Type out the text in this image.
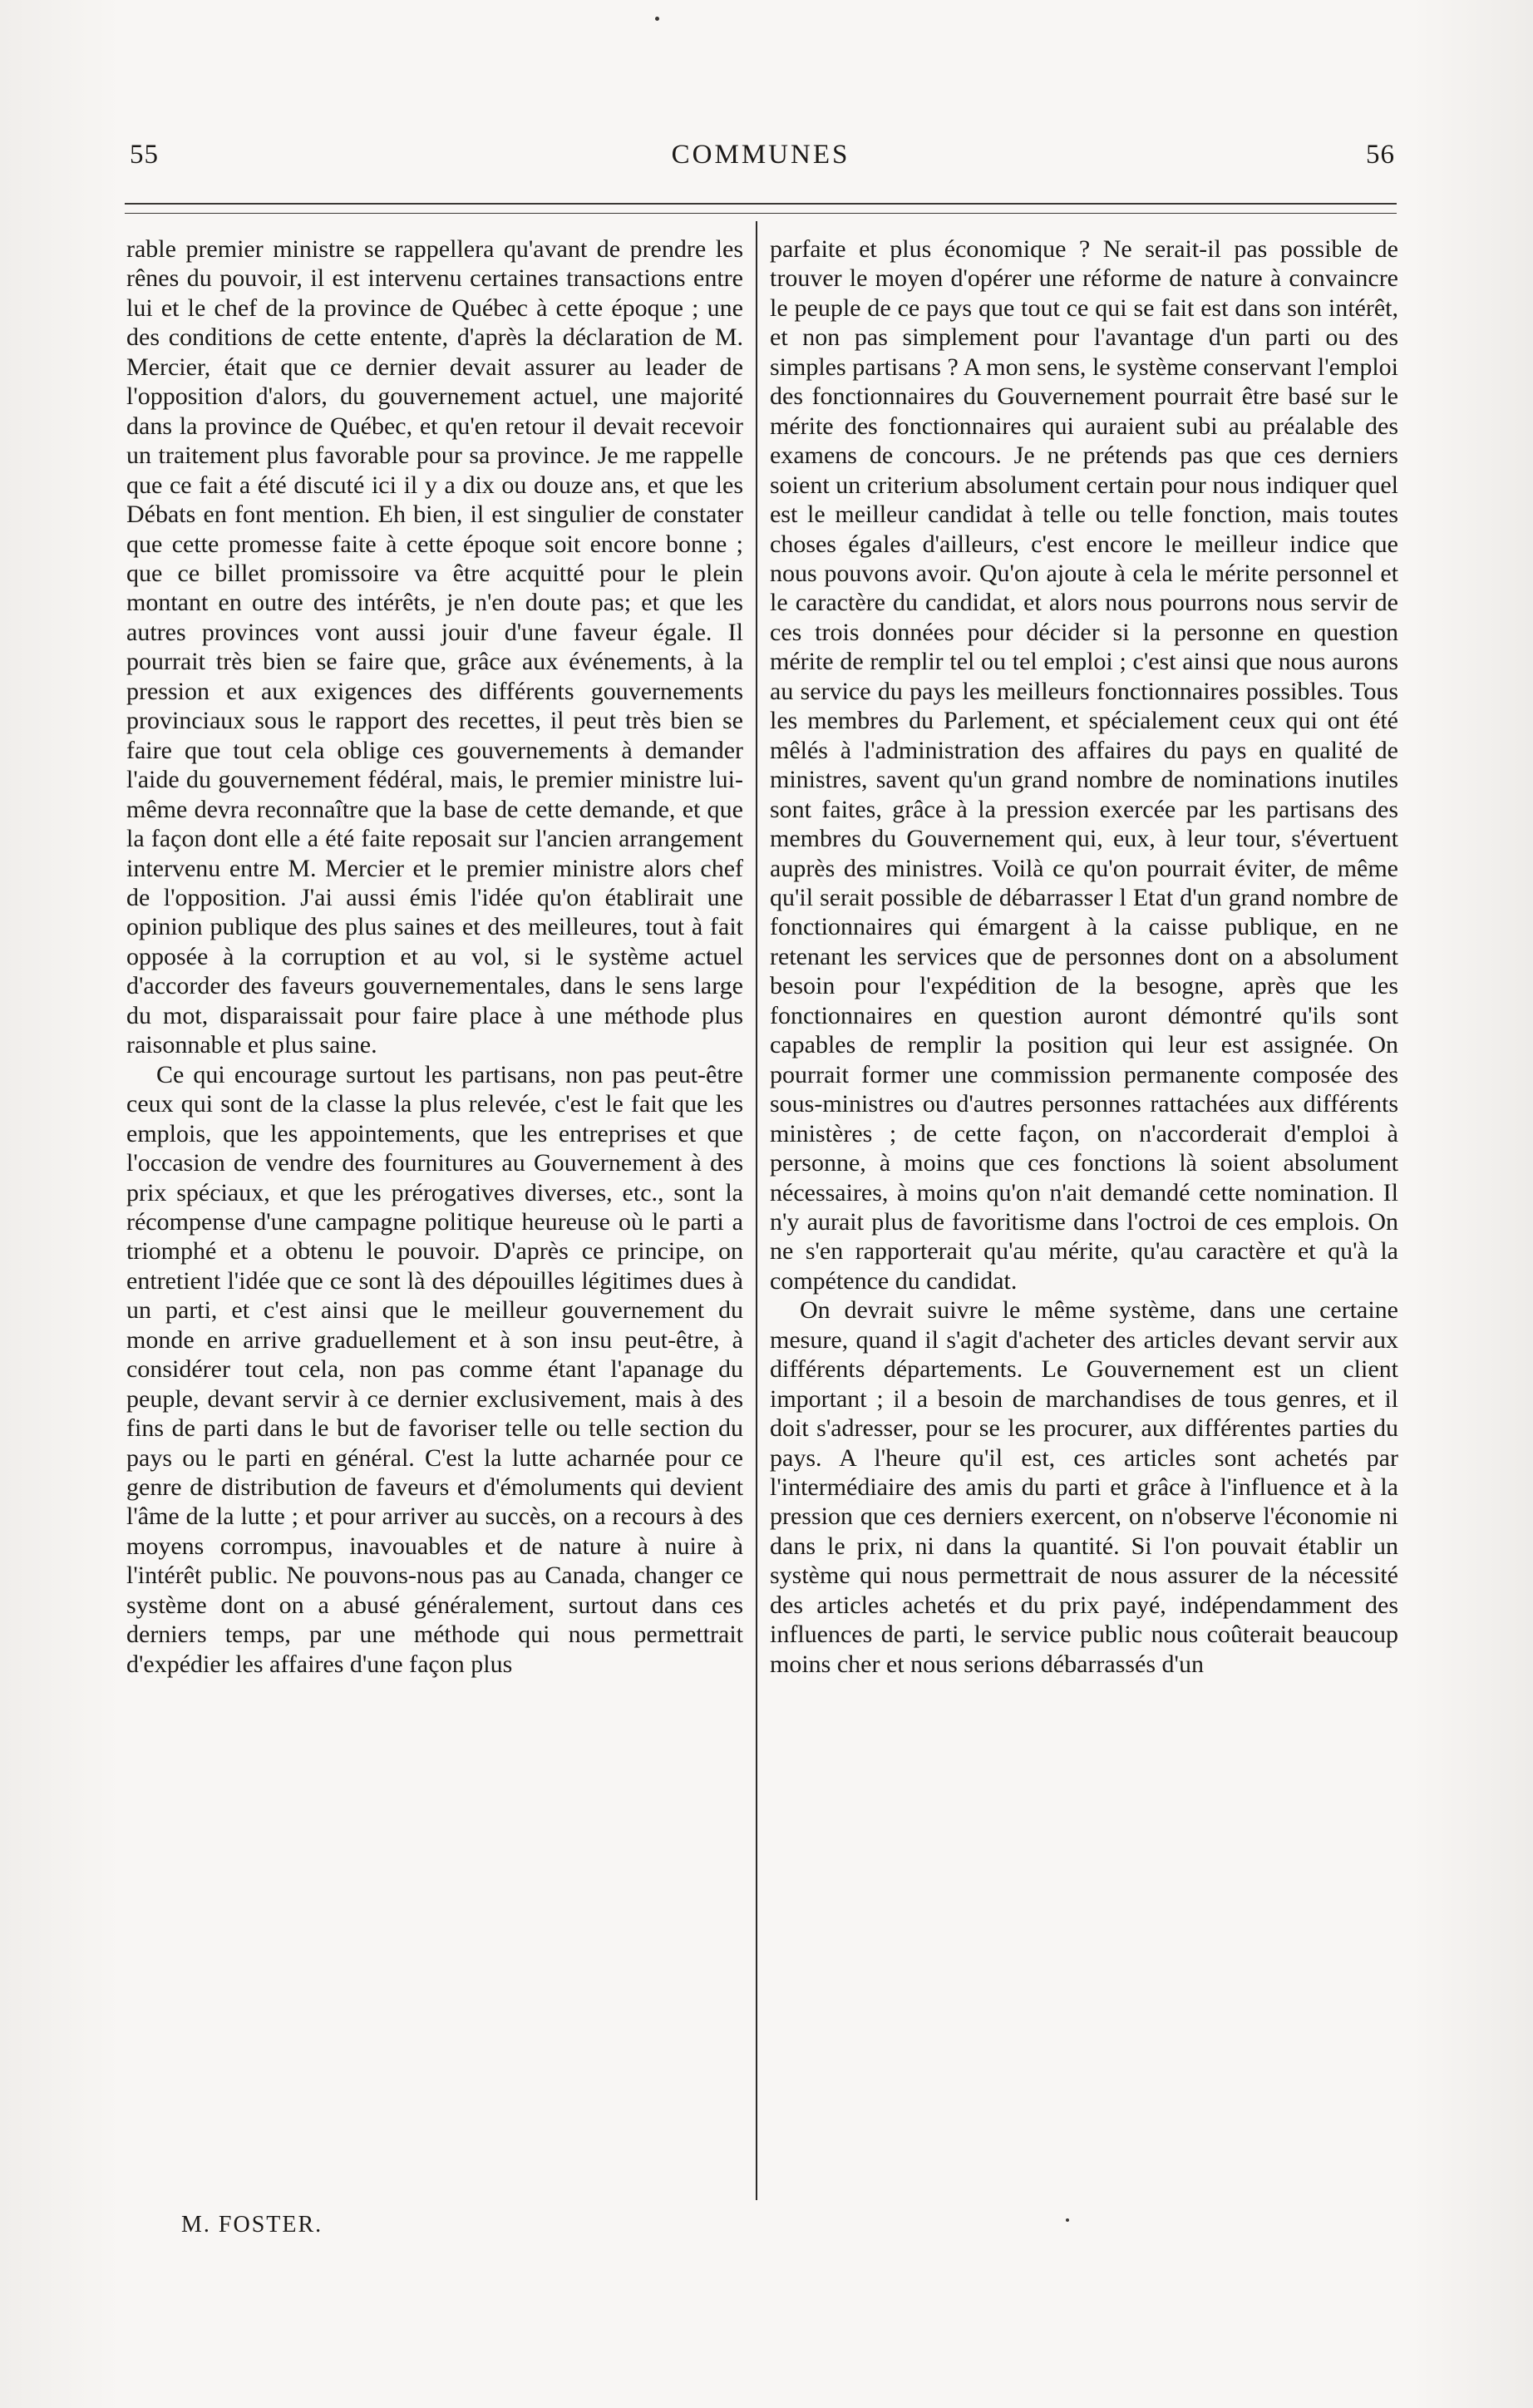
55	COMMUNES	56

rable premier ministre se rappellera qu'avant de prendre les rênes du pouvoir, il est intervenu certaines transactions entre lui et le chef de la province de Québec à cette époque ; une des conditions de cette entente, d'après la déclaration de M. Mercier, était que ce dernier devait assurer au leader de l'opposition d'alors, du gouvernement actuel, une majorité dans la province de Québec, et qu'en retour il devait recevoir un traitement plus favorable pour sa province. Je me rappelle que ce fait a été discuté ici il y a dix ou douze ans, et que les Débats en font mention. Eh bien, il est singulier de constater que cette promesse faite à cette époque soit encore bonne ; que ce billet promissoire va être acquitté pour le plein montant en outre des intérêts, je n'en doute pas; et que les autres provinces vont aussi jouir d'une faveur égale. Il pourrait très bien se faire que, grâce aux événements, à la pression et aux exigences des différents gouvernements provinciaux sous le rapport des recettes, il peut très bien se faire que tout cela oblige ces gouvernements à demander l'aide du gouvernement fédéral, mais, le premier ministre lui-même devra reconnaître que la base de cette demande, et que la façon dont elle a été faite reposait sur l'ancien arrangement intervenu entre M. Mercier et le premier ministre alors chef de l'opposition. J'ai aussi émis l'idée qu'on établirait une opinion publique des plus saines et des meilleures, tout à fait opposée à la corruption et au vol, si le système actuel d'accorder des faveurs gouvernementales, dans le sens large du mot, disparaissait pour faire place à une méthode plus raisonnable et plus saine.

Ce qui encourage surtout les partisans, non pas peut-être ceux qui sont de la classe la plus relevée, c'est le fait que les emplois, que les appointements, que les entreprises et que l'occasion de vendre des fournitures au Gouvernement à des prix spéciaux, et que les prérogatives diverses, etc., sont la récompense d'une campagne politique heureuse où le parti a triomphé et a obtenu le pouvoir. D'après ce principe, on entretient l'idée que ce sont là des dépouilles légitimes dues à un parti, et c'est ainsi que le meilleur gouvernement du monde en arrive graduellement et à son insu peut-être, à considérer tout cela, non pas comme étant l'apanage du peuple, devant servir à ce dernier exclusivement, mais à des fins de parti dans le but de favoriser telle ou telle section du pays ou le parti en général. C'est la lutte acharnée pour ce genre de distribution de faveurs et d'émoluments qui devient l'âme de la lutte ; et pour arriver au succès, on a recours à des moyens corrompus, inavouables et de nature à nuire à l'intérêt public. Ne pouvons-nous pas au Canada, changer ce système dont on a abusé généralement, surtout dans ces derniers temps, par une méthode qui nous permettrait d'expédier les affaires d'une façon plus

parfaite et plus économique ? Ne serait-il pas possible de trouver le moyen d'opérer une réforme de nature à convaincre le peuple de ce pays que tout ce qui se fait est dans son intérêt, et non pas simplement pour l'avantage d'un parti ou des simples partisans ? A mon sens, le système conservant l'emploi des fonctionnaires du Gouvernement pourrait être basé sur le mérite des fonctionnaires qui auraient subi au préalable des examens de concours. Je ne prétends pas que ces derniers soient un criterium absolument certain pour nous indiquer quel est le meilleur candidat à telle ou telle fonction, mais toutes choses égales d'ailleurs, c'est encore le meilleur indice que nous pouvons avoir. Qu'on ajoute à cela le mérite personnel et le caractère du candidat, et alors nous pourrons nous servir de ces trois données pour décider si la personne en question mérite de remplir tel ou tel emploi ; c'est ainsi que nous aurons au service du pays les meilleurs fonctionnaires possibles. Tous les membres du Parlement, et spécialement ceux qui ont été mêlés à l'administration des affaires du pays en qualité de ministres, savent qu'un grand nombre de nominations inutiles sont faites, grâce à la pression exercée par les partisans des membres du Gouvernement qui, eux, à leur tour, s'évertuent auprès des ministres. Voilà ce qu'on pourrait éviter, de même qu'il serait possible de débarrasser l Etat d'un grand nombre de fonctionnaires qui émargent à la caisse publique, en ne retenant les services que de personnes dont on a absolument besoin pour l'expédition de la besogne, après que les fonctionnaires en question auront démontré qu'ils sont capables de remplir la position qui leur est assignée. On pourrait former une commission permanente composée des sous-ministres ou d'autres personnes rattachées aux différents ministères ; de cette façon, on n'accorderait d'emploi à personne, à moins que ces fonctions là soient absolument nécessaires, à moins qu'on n'ait demandé cette nomination. Il n'y aurait plus de favoritisme dans l'octroi de ces emplois. On ne s'en rapporterait qu'au mérite, qu'au caractère et qu'à la compétence du candidat.

On devrait suivre le même système, dans une certaine mesure, quand il s'agit d'acheter des articles devant servir aux différents départements. Le Gouvernement est un client important ; il a besoin de marchandises de tous genres, et il doit s'adresser, pour se les procurer, aux différentes parties du pays. A l'heure qu'il est, ces articles sont achetés par l'intermédiaire des amis du parti et grâce à l'influence et à la pression que ces derniers exercent, on n'observe l'économie ni dans le prix, ni dans la quantité. Si l'on pouvait établir un système qui nous permettrait de nous assurer de la nécessité des articles achetés et du prix payé, indépendamment des influences de parti, le service public nous coûterait beaucoup moins cher et nous serions débarrassés d'un

M. FOSTER.
